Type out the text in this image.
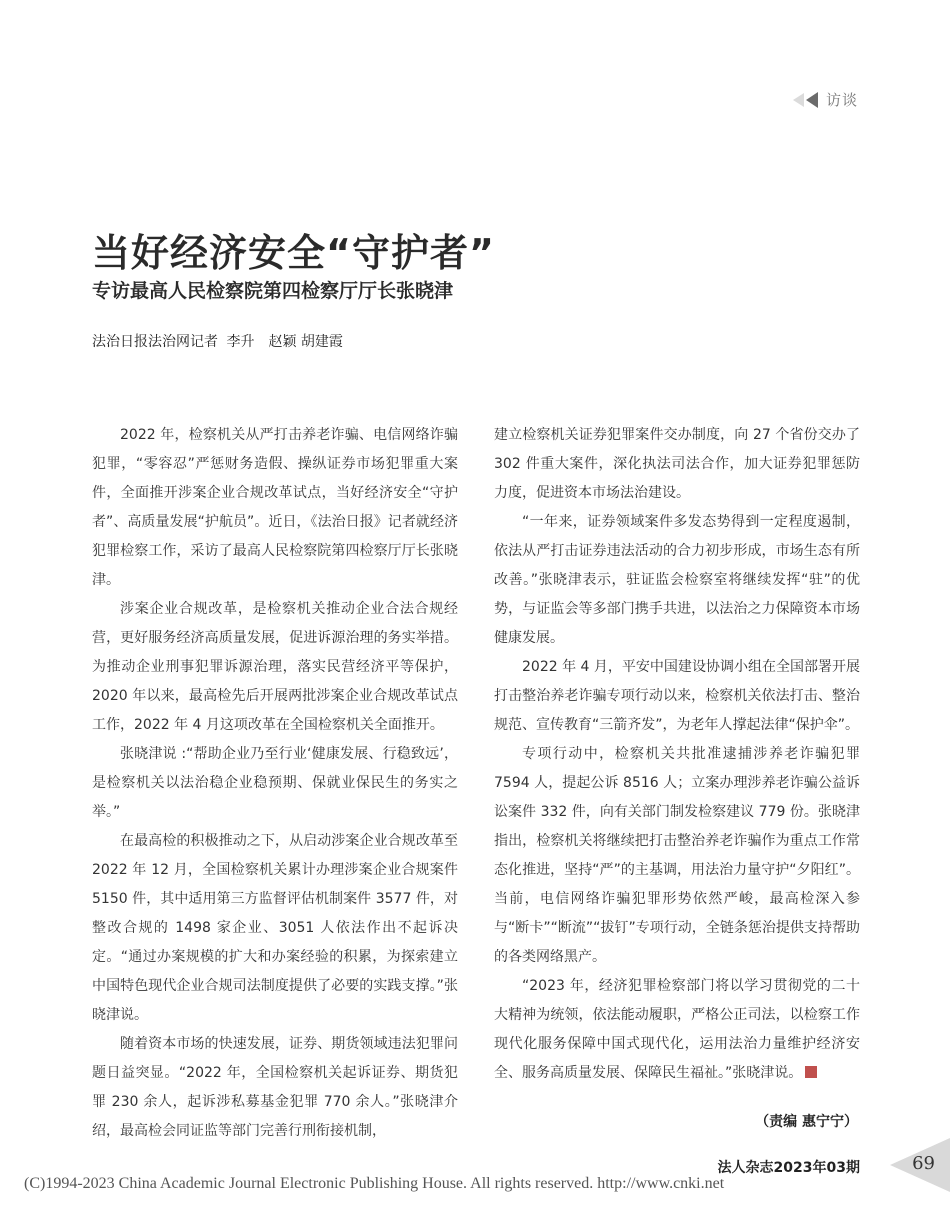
访谈
当好经济安全“守护者”
专访最高人民检察院第四检察厅厅长张晓津
法治日报法治网记者 李升　赵颖 胡建霞

2022 年，检察机关从严打击养老诈骗、电信网络诈骗犯罪，“零容忍”严惩财务造假、操纵证券市场犯罪重大案件，全面推开涉案企业合规改革试点，当好经济安全“守护者”、高质量发展“护航员”。近日，《法治日报》记者就经济犯罪检察工作，采访了最高人民检察院第四检察厅厅长张晓津。

涉案企业合规改革，是检察机关推动企业合法合规经营，更好服务经济高质量发展，促进诉源治理的务实举措。为推动企业刑事犯罪诉源治理，落实民营经济平等保护，2020 年以来，最高检先后开展两批涉案企业合规改革试点工作，2022 年 4 月这项改革在全国检察机关全面推开。

张晓津说 :“帮助企业乃至行业‘健康发展、行稳致远’，是检察机关以法治稳企业稳预期、保就业保民生的务实之举。”

在最高检的积极推动之下，从启动涉案企业合规改革至 2022 年 12 月，全国检察机关累计办理涉案企业合规案件 5150 件，其中适用第三方监督评估机制案件 3577 件，对整改合规的 1498 家企业、3051 人依法作出不起诉决定。“通过办案规模的扩大和办案经验的积累，为探索建立中国特色现代企业合规司法制度提供了必要的实践支撑。”张晓津说。

随着资本市场的快速发展，证券、期货领域违法犯罪问题日益突显。“2022 年，全国检察机关起诉证券、期货犯罪 230 余人，起诉涉私募基金犯罪 770 余人。”张晓津介绍，最高检会同证监等部门完善行刑衔接机制，

建立检察机关证券犯罪案件交办制度，向 27 个省份交办了 302 件重大案件，深化执法司法合作，加大证券犯罪惩防力度，促进资本市场法治建设。

“一年来，证券领域案件多发态势得到一定程度遏制，依法从严打击证券违法活动的合力初步形成，市场生态有所改善。”张晓津表示，驻证监会检察室将继续发挥“驻”的优势，与证监会等多部门携手共进，以法治之力保障资本市场健康发展。

2022 年 4 月，平安中国建设协调小组在全国部署开展打击整治养老诈骗专项行动以来，检察机关依法打击、整治规范、宣传教育“三箭齐发”，为老年人撑起法律“保护伞”。

专项行动中，检察机关共批准逮捕涉养老诈骗犯罪 7594 人，提起公诉 8516 人；立案办理涉养老诈骗公益诉讼案件 332 件，向有关部门制发检察建议 779 份。张晓津指出，检察机关将继续把打击整治养老诈骗作为重点工作常态化推进，坚持“严”的主基调，用法治力量守护“夕阳红”。当前，电信网络诈骗犯罪形势依然严峻，最高检深入参与“断卡”“断流”“拔钉”专项行动，全链条惩治提供支持帮助的各类网络黑产。

“2023 年，经济犯罪检察部门将以学习贯彻党的二十大精神为统领，依法能动履职，严格公正司法，以检察工作现代化服务保障中国式现代化，运用法治力量维护经济安全、服务高质量发展、保障民生福祉。”张晓津说。

（责编 惠宁宁）
69
法人杂志2023年03期
(C)1994-2023 China Academic Journal Electronic Publishing House. All rights reserved. http://www.cnki.net
